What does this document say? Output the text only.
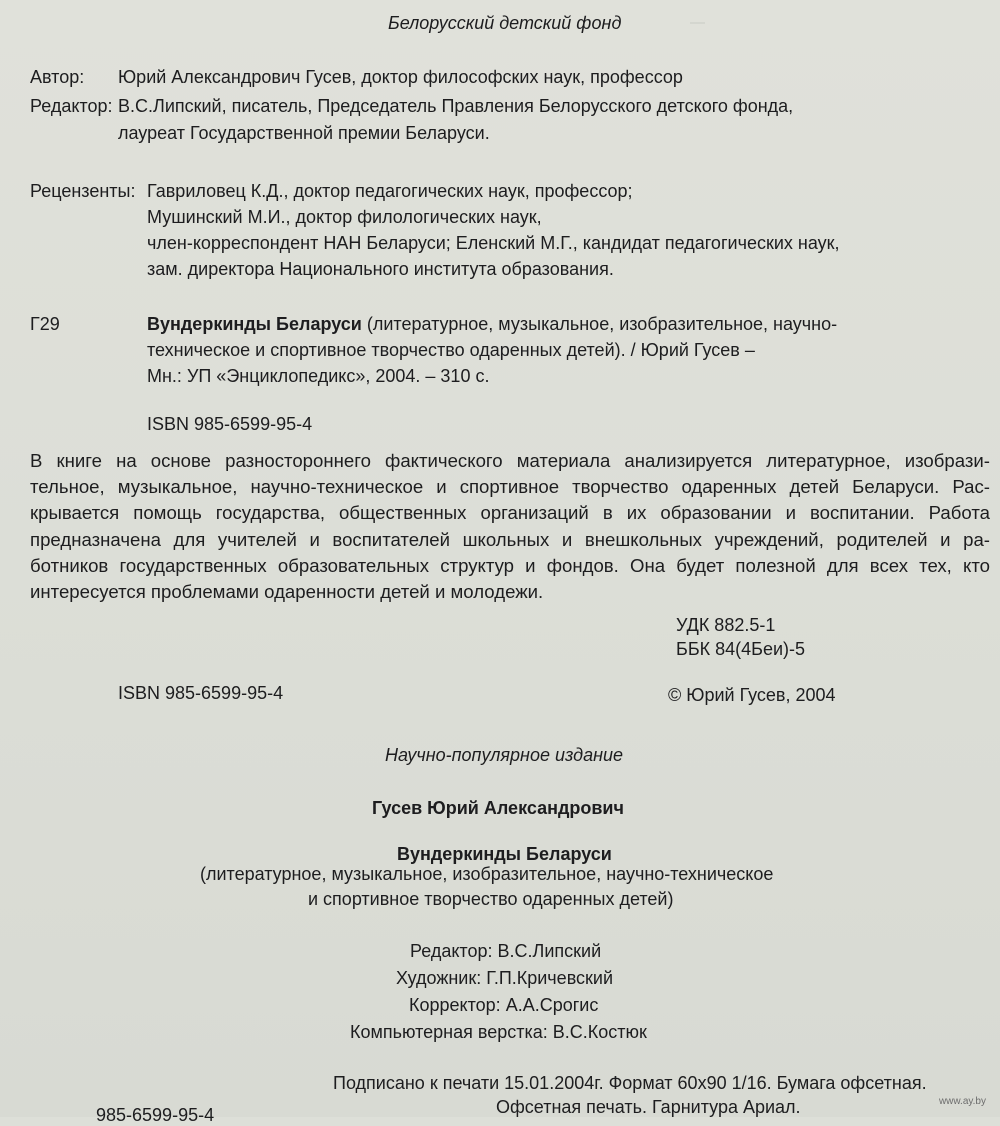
—
Белорусский детский фонд
Автор: Юрий Александрович Гусев, доктор философских наук, профессор
Редактор: В.С.Липский, писатель, Председатель Правления Белорусского детского фонда,
лауреат Государственной премии Беларуси.
Рецензенты: Гавриловец К.Д., доктор педагогических наук, профессор;
Мушинский М.И., доктор филологических наук,
член-корреспондент НАН Беларуси; Еленский М.Г., кандидат педагогических наук,
зам. директора Национального института образования.
Г29	Вундеркинды Беларуси (литературное, музыкальное, изобразительное, научно-
техническое и спортивное творчество одаренных детей). / Юрий Гусев –
Мн.: УП «Энциклопедикс», 2004. – 310 с.
ISBN 985-6599-95-4
В книге на основе разностороннего фактического материала анализируется литературное, изобрази-
тельное, музыкальное, научно-техническое и спортивное творчество одаренных детей Беларуси. Рас-
крывается помощь государства, общественных организаций в их образовании и воспитании. Работа
предназначена для учителей и воспитателей школьных и внешкольных учреждений, родителей и ра-
ботников государственных образовательных структур и фондов. Она будет полезной для всех тех, кто
интересуется проблемами одаренности детей и молодежи.
УДК 882.5-1
ББК 84(4Беи)-5
ISBN 985-6599-95-4	© Юрий Гусев, 2004
Научно-популярное издание
Гусев Юрий Александрович
Вундеркинды Беларуси
(литературное, музыкальное, изобразительное, научно-техническое
и спортивное творчество одаренных детей)
Редактор: В.С.Липский
Художник: Г.П.Кричевский
Корректор: А.А.Срогис
Компьютерная верстка: В.С.Костюк
Подписано к печати 15.01.2004г. Формат 60х90 1/16. Бумага офсетная.
Офсетная печать. Гарнитура Ариал.
985-6599-95-4
www.ay.by
